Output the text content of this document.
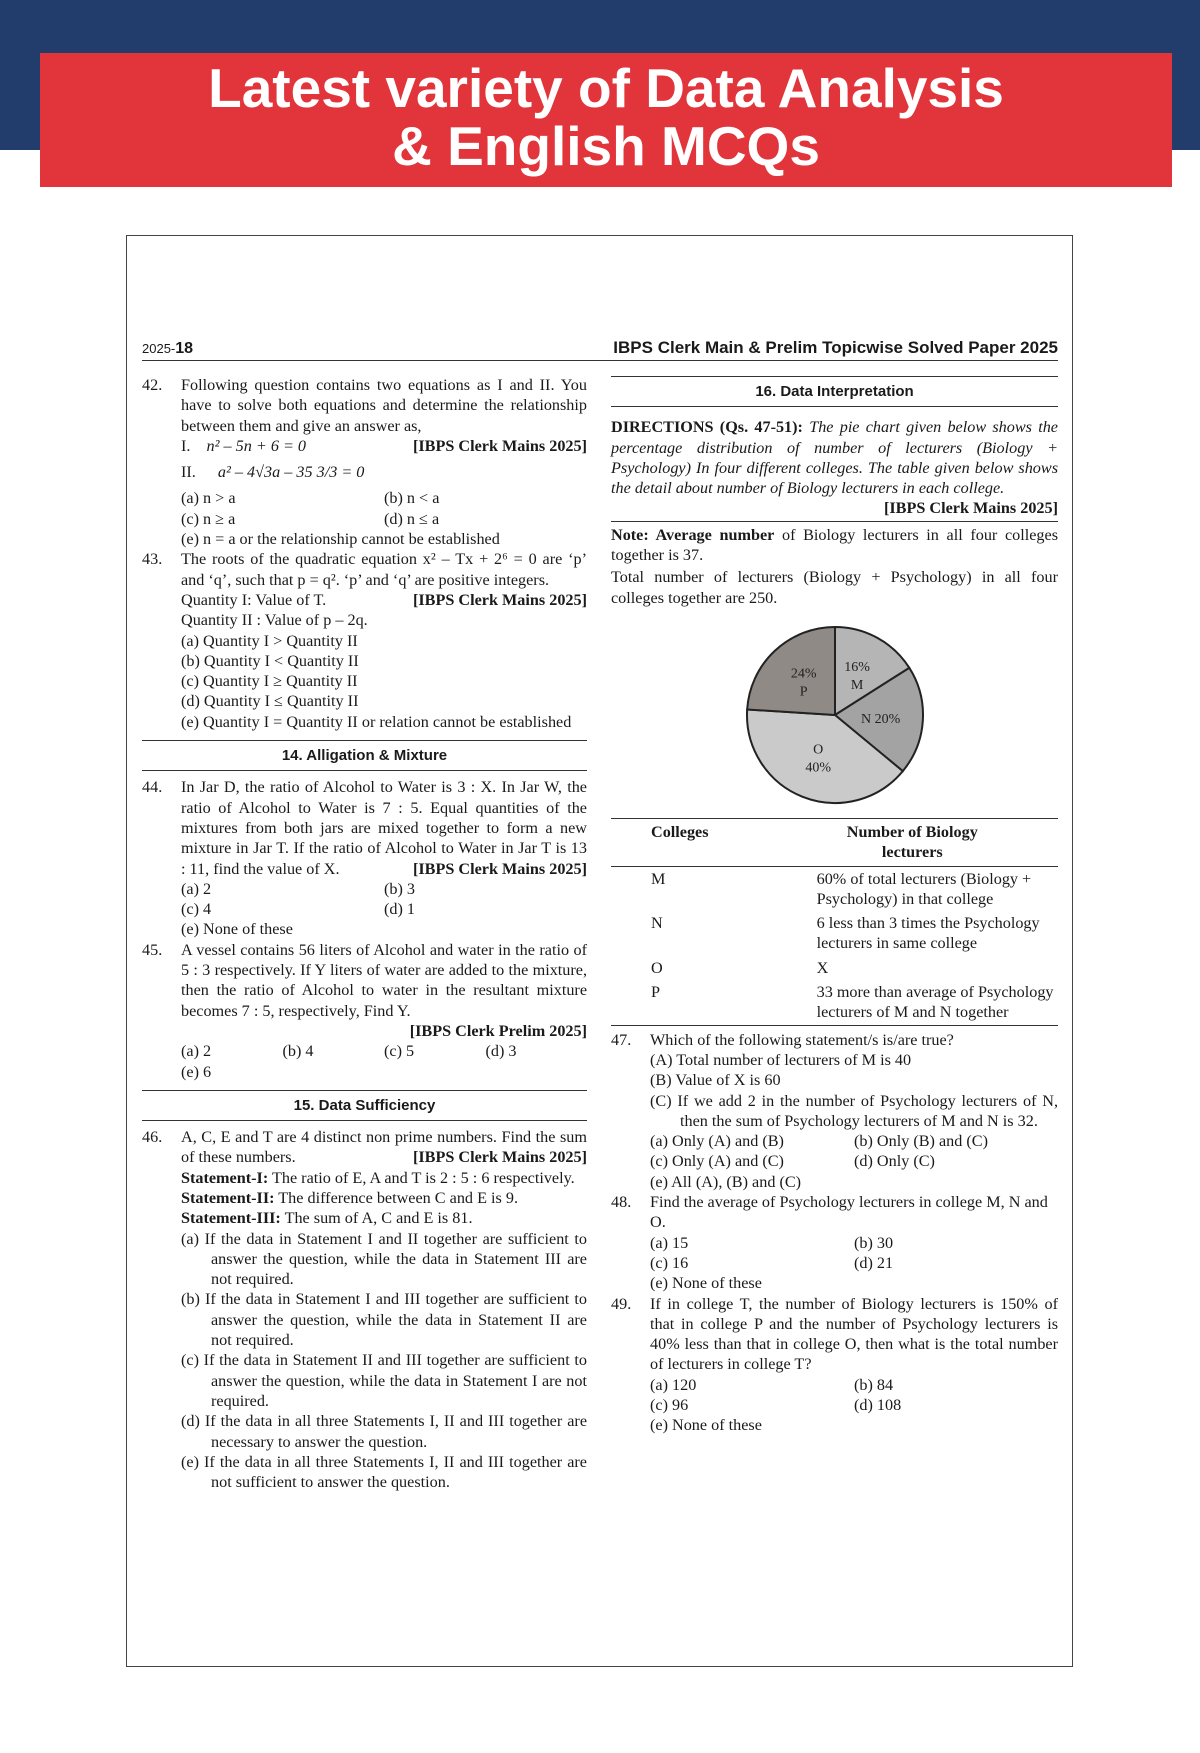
Latest variety of Data Analysis
& English MCQs
2025-18	IBPS Clerk Main & Prelim Topicwise Solved Paper 2025
42. Following question contains two equations as I and II. You have to solve both equations and determine the relationship between them and give an answer as,
I. n² – 5n + 6 = 0	[IBPS Clerk Mains 2025]
II. a² – 4√3a – 35 3/3 = 0
(a) n > a	(b) n < a
(c) n ≥ a	(d) n ≤ a
(e) n = a or the relationship cannot be established
43. The roots of the quadratic equation x² – Tx + 2⁶ = 0 are ‘p’ and ‘q’, such that p = q². ‘p’ and ‘q’ are positive integers.
Quantity I: Value of T.	[IBPS Clerk Mains 2025]
Quantity II : Value of p – 2q.
(a) Quantity I > Quantity II
(b) Quantity I < Quantity II
(c) Quantity I ≥ Quantity II
(d) Quantity I ≤ Quantity II
(e) Quantity I = Quantity II or relation cannot be established
14. Alligation & Mixture
44. In Jar D, the ratio of Alcohol to Water is 3 : X. In Jar W, the ratio of Alcohol to Water is 7 : 5. Equal quantities of the mixtures from both jars are mixed together to form a new mixture in Jar T. If the ratio of Alcohol to Water in Jar T is 13 : 11, find the value of X.	[IBPS Clerk Mains 2025]
(a) 2	(b) 3
(c) 4	(d) 1
(e) None of these
45. A vessel contains 56 liters of Alcohol and water in the ratio of 5 : 3 respectively. If Y liters of water are added to the mixture, then the ratio of Alcohol to water in the resultant mixture becomes 7 : 5, respectively, Find Y.
[IBPS Clerk Prelim 2025]
(a) 2	(b) 4	(c) 5	(d) 3
(e) 6
15. Data Sufficiency
46. A, C, E and T are 4 distinct non prime numbers. Find the sum of these numbers.	[IBPS Clerk Mains 2025]
Statement-I: The ratio of E, A and T is 2 : 5 : 6 respectively.
Statement-II: The difference between C and E is 9.
Statement-III: The sum of A, C and E is 81.
(a) If the data in Statement I and II together are sufficient to answer the question, while the data in Statement III are not required.
(b) If the data in Statement I and III together are sufficient to answer the question, while the data in Statement II are not required.
(c) If the data in Statement II and III together are sufficient to answer the question, while the data in Statement I are not required.
(d) If the data in all three Statements I, II and III together are necessary to answer the question.
(e) If the data in all three Statements I, II and III together are not sufficient to answer the question.
16. Data Interpretation
DIRECTIONS (Qs. 47-51): The pie chart given below shows the percentage distribution of number of lecturers (Biology + Psychology) In four different colleges. The table given below shows the detail about number of Biology lecturers in each college.
[IBPS Clerk Mains 2025]
Note: Average number of Biology lecturers in all four colleges together is 37.
Total number of lecturers (Biology + Psychology) in all four colleges together are 250.
16%
M
N 20%
O
40%
24%
P
Colleges	Number of Biology lecturers
M	60% of total lecturers (Biology + Psychology) in that college
N	6 less than 3 times the Psychology lecturers in same college
O	X
P	33 more than average of Psychology lecturers of M and N together
47. Which of the following statement/s is/are true?
(A) Total number of lecturers of M is 40
(B) Value of X is 60
(C) If we add 2 in the number of Psychology lecturers of N, then the sum of Psychology lecturers of M and N is 32.
(a) Only (A) and (B)	(b) Only (B) and (C)
(c) Only (A) and (C)	(d) Only (C)
(e) All (A), (B) and (C)
48. Find the average of Psychology lecturers in college M, N and O.
(a) 15	(b) 30
(c) 16	(d) 21
(e) None of these
49. If in college T, the number of Biology lecturers is 150% of that in college P and the number of Psychology lecturers is 40% less than that in college O, then what is the total number of lecturers in college T?
(a) 120	(b) 84
(c) 96	(d) 108
(e) None of these
